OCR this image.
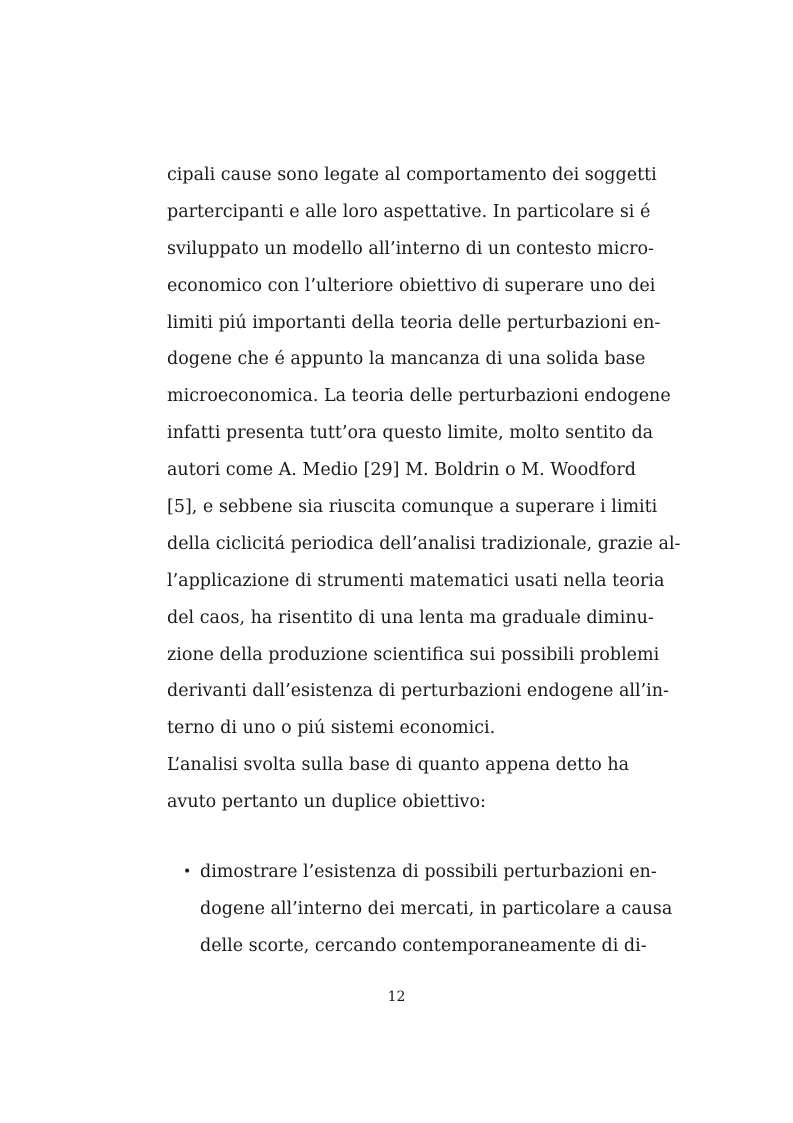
cipali cause sono legate al comportamento dei soggetti
partercipanti e alle loro aspettative. In particolare si é
sviluppato un modello all’interno di un contesto micro-
economico con l’ulteriore obiettivo di superare uno dei
limiti piú importanti della teoria delle perturbazioni en-
dogene che é appunto la mancanza di una solida base
microeconomica. La teoria delle perturbazioni endogene
infatti presenta tutt’ora questo limite, molto sentito da
autori come A. Medio [29] M. Boldrin o M. Woodford
[5], e sebbene sia riuscita comunque a superare i limiti
della ciclicitá periodica dell’analisi tradizionale, grazie al-
l’applicazione di strumenti matematici usati nella teoria
del caos, ha risentito di una lenta ma graduale diminu-
zione della produzione scientifica sui possibili problemi
derivanti dall’esistenza di perturbazioni endogene all’in-
terno di uno o piú sistemi economici.
L’analisi svolta sulla base di quanto appena detto ha
avuto pertanto un duplice obiettivo:
• dimostrare l’esistenza di possibili perturbazioni en-
dogene all’interno dei mercati, in particolare a causa
delle scorte, cercando contemporaneamente di di-
12
